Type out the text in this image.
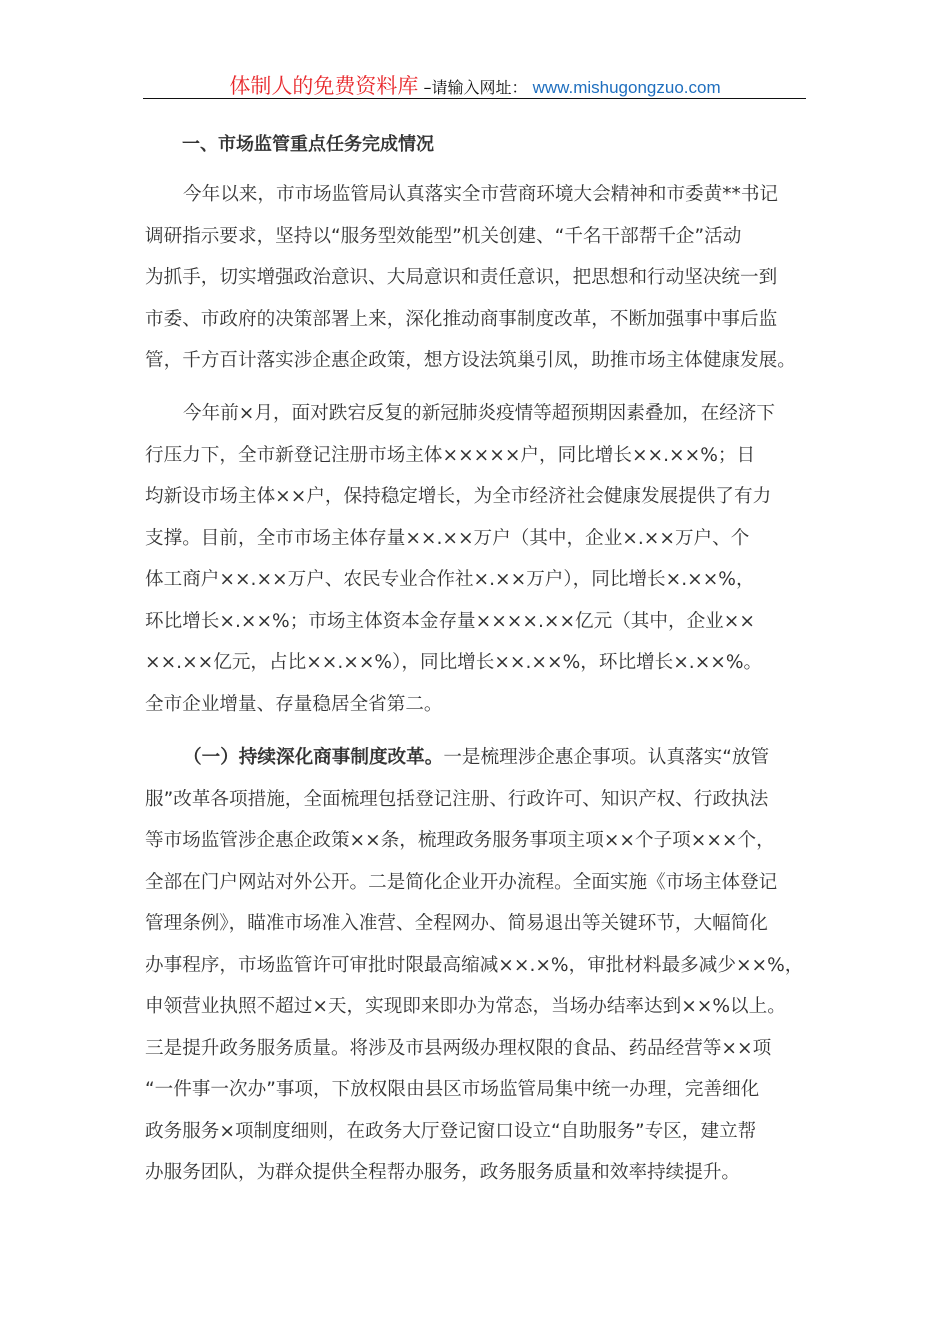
体制人的免费资料库 –请输入网址： www.mishugongzuo.com
一、市场监管重点任务完成情况
今年以来，市市场监管局认真落实全市营商环境大会精神和市委黄**书记
调研指示要求，坚持以“服务型效能型”机关创建、“千名干部帮千企”活动
为抓手，切实增强政治意识、大局意识和责任意识，把思想和行动坚决统一到
市委、市政府的决策部署上来，深化推动商事制度改革，不断加强事中事后监
管，千方百计落实涉企惠企政策，想方设法筑巢引凤，助推市场主体健康发展。
今年前×月，面对跌宕反复的新冠肺炎疫情等超预期因素叠加，在经济下
行压力下，全市新登记注册市场主体×××××户，同比增长××.××%；日
均新设市场主体××户，保持稳定增长，为全市经济社会健康发展提供了有力
支撑。目前，全市市场主体存量××.××万户（其中，企业×.××万户、个
体工商户××.××万户、农民专业合作社×.××万户），同比增长×.××%，
环比增长×.××%；市场主体资本金存量××××.××亿元（其中，企业××
××.××亿元，占比××.××%），同比增长××.××%，环比增长×.××%。
全市企业增量、存量稳居全省第二。
（一）持续深化商事制度改革。一是梳理涉企惠企事项。认真落实“放管
服”改革各项措施，全面梳理包括登记注册、行政许可、知识产权、行政执法
等市场监管涉企惠企政策××条，梳理政务服务事项主项××个子项×××个，
全部在门户网站对外公开。二是简化企业开办流程。全面实施《市场主体登记
管理条例》，瞄准市场准入准营、全程网办、简易退出等关键环节，大幅简化
办事程序，市场监管许可审批时限最高缩减××.×%，审批材料最多减少××%，
申领营业执照不超过×天，实现即来即办为常态，当场办结率达到××%以上。
三是提升政务服务质量。将涉及市县两级办理权限的食品、药品经营等××项
“一件事一次办”事项，下放权限由县区市场监管局集中统一办理，完善细化
政务服务×项制度细则，在政务大厅登记窗口设立“自助服务”专区，建立帮
办服务团队，为群众提供全程帮办服务，政务服务质量和效率持续提升。
